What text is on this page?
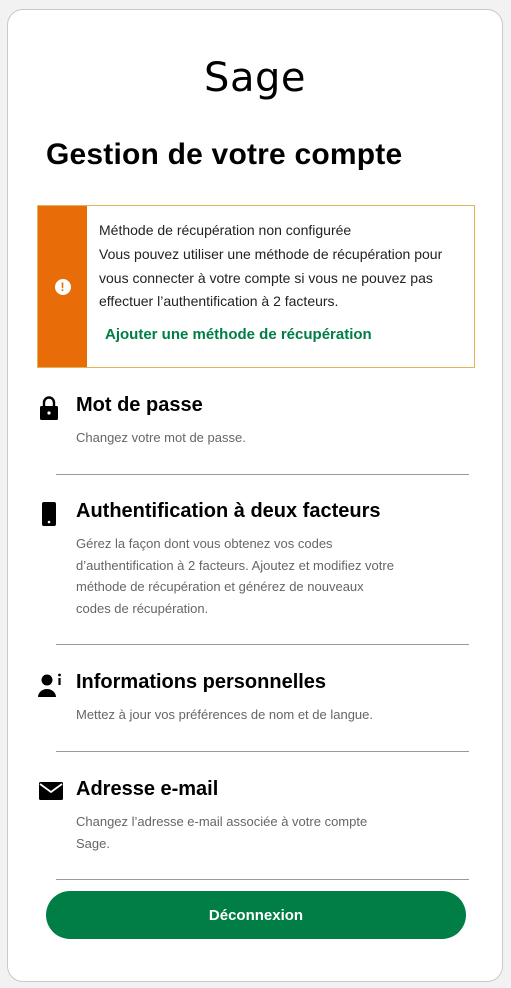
Sage
Gestion de votre compte
!
Méthode de récupération non configurée
Vous pouvez utiliser une méthode de récupération pour vous connecter à votre compte si vous ne pouvez pas effectuer l’authentification à 2 facteurs.
Ajouter une méthode de récupération
Mot de passe
Changez votre mot de passe.
Authentification à deux facteurs
Gérez la façon dont vous obtenez vos codes d’authentification à 2 facteurs. Ajoutez et modifiez votre méthode de récupération et générez de nouveaux codes de récupération.
Informations personnelles
Mettez à jour vos préférences de nom et de langue.
Adresse e-mail
Changez l’adresse e-mail associée à votre compte Sage.
Déconnexion
